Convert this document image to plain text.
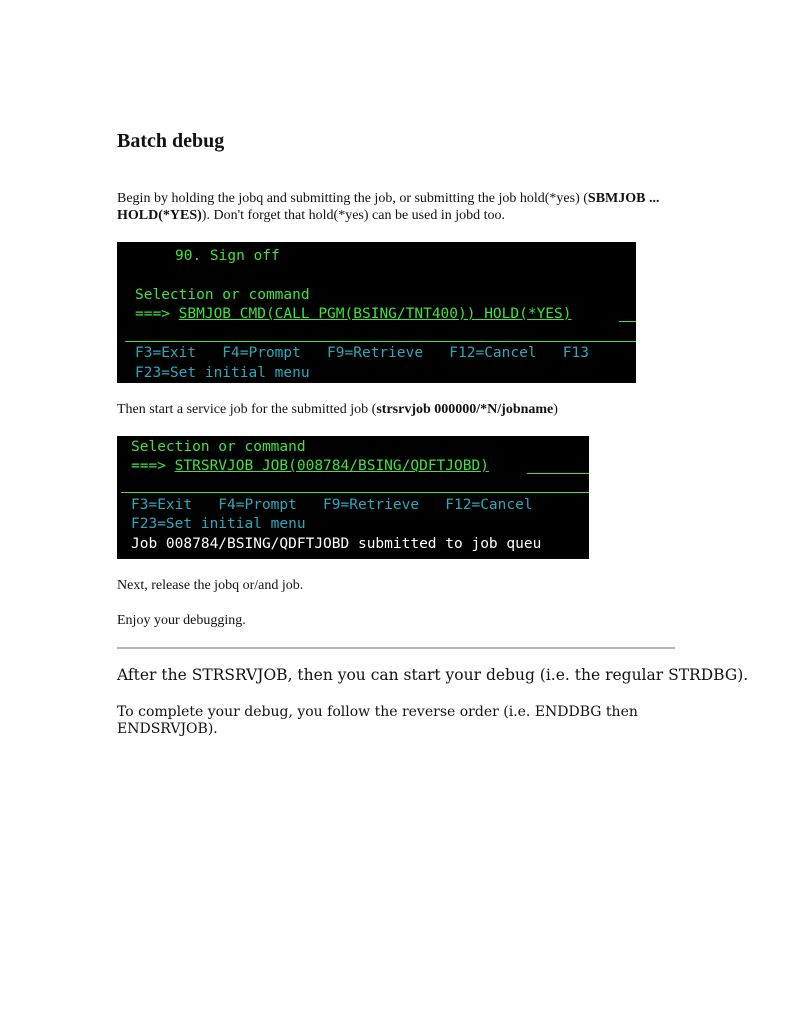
Batch debug

Begin by holding the jobq and submitting the job, or submitting the job hold(*yes) (SBMJOB ... HOLD(*YES)). Don't forget that hold(*yes) can be used in jobd too.

90. Sign off

Selection or command

===> SBMJOB CMD(CALL PGM(BSING/TNT400)) HOLD(*YES)

F3=Exit   F4=Prompt   F9=Retrieve   F12=Cancel   F13

F23=Set initial menu

Then start a service job for the submitted job (strsrvjob 000000/*N/jobname)

Selection or command

===> STRSRVJOB JOB(008784/BSING/QDFTJOBD)

F3=Exit   F4=Prompt   F9=Retrieve   F12=Cancel

F23=Set initial menu

Job 008784/BSING/QDFTJOBD submitted to job queu

Next, release the jobq or/and job.

Enjoy your debugging.

After the STRSRVJOB, then you can start your debug (i.e. the regular STRDBG).

To complete your debug, you follow the reverse order (i.e. ENDDBG then ENDSRVJOB).
